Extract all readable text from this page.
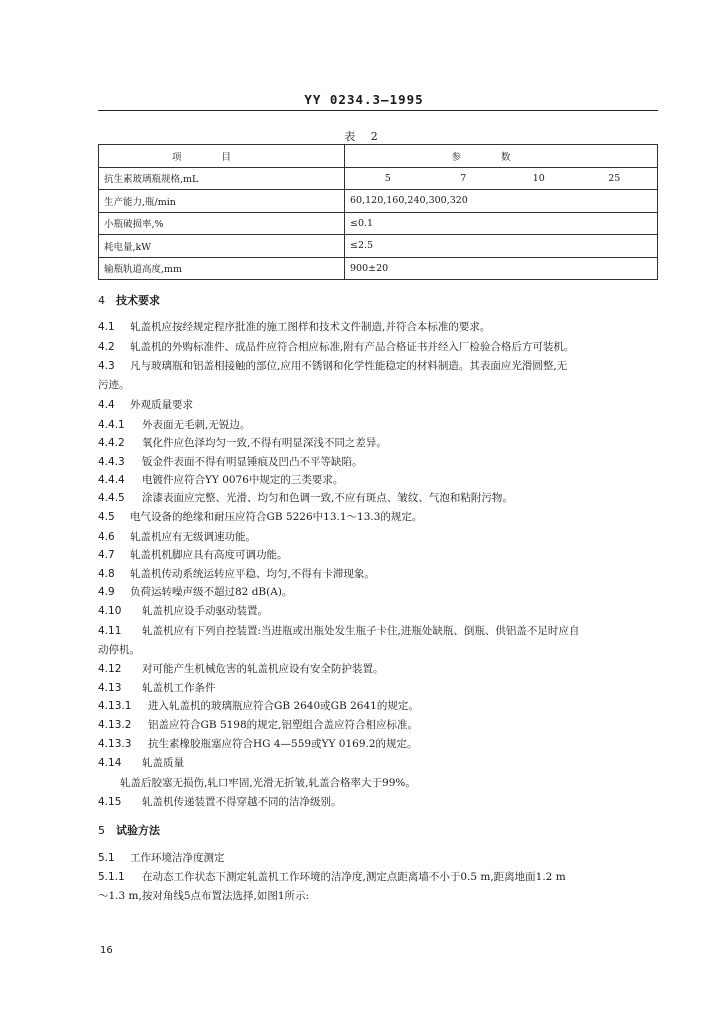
YY 0234.3—1995
表 2
项目	参数
抗生素玻璃瓶规格,mL	5 7 10 25

生产能力,瓶/min	60,120,160,240,300,320
小瓶破损率,%	≤0.1
耗电量,kW	≤2.5
输瓶轨道高度,mm	900±20
4 技术要求
4.1 轧盖机应按经规定程序批准的施工图样和技术文件制造,并符合本标准的要求。
4.2 轧盖机的外购标准件、成品件应符合相应标准,附有产品合格证书并经入厂检验合格后方可装机。
4.3 凡与玻璃瓶和铝盖相接触的部位,应用不锈钢和化学性能稳定的材料制造。其表面应光滑圆整,无
污迹。
4.4 外观质量要求
4.4.1 外表面无毛刺,无锐边。
4.4.2 氧化件应色泽均匀一致,不得有明显深浅不同之差异。
4.4.3 钣金件表面不得有明显锤痕及凹凸不平等缺陷。
4.4.4 电镀件应符合YY 0076中规定的三类要求。
4.4.5 涂漆表面应完整、光滑、均匀和色调一致,不应有斑点、皱纹、气泡和粘附污物。
4.5 电气设备的绝缘和耐压应符合GB 5226中13.1～13.3的规定。
4.6 轧盖机应有无级调速功能。
4.7 轧盖机机脚应具有高度可调功能。
4.8 轧盖机传动系统运转应平稳、均匀,不得有卡滞现象。
4.9 负荷运转噪声级不超过82 dB(A)。
4.10 轧盖机应设手动驱动装置。
4.11 轧盖机应有下列自控装置:当进瓶或出瓶处发生瓶子卡住,进瓶处缺瓶、倒瓶、供铝盖不足时应自
动停机。
4.12 对可能产生机械危害的轧盖机应设有安全防护装置。
4.13 轧盖机工作条件
4.13.1 进入轧盖机的玻璃瓶应符合GB 2640或GB 2641的规定。
4.13.2 铝盖应符合GB 5198的规定,铝塑组合盖应符合相应标准。
4.13.3 抗生素橡胶瓶塞应符合HG 4—559或YY 0169.2的规定。
4.14 轧盖质量
轧盖后胶塞无损伤,轧口牢固,光滑无折皱,轧盖合格率大于99%。
4.15 轧盖机传递装置不得穿越不同的洁净级别。
5 试验方法
5.1 工作环境洁净度测定
5.1.1 在动态工作状态下测定轧盖机工作环境的洁净度,测定点距离墙不小于0.5 m,距离地面1.2 m
～1.3 m,按对角线5点布置法选择,如图1所示:
16
